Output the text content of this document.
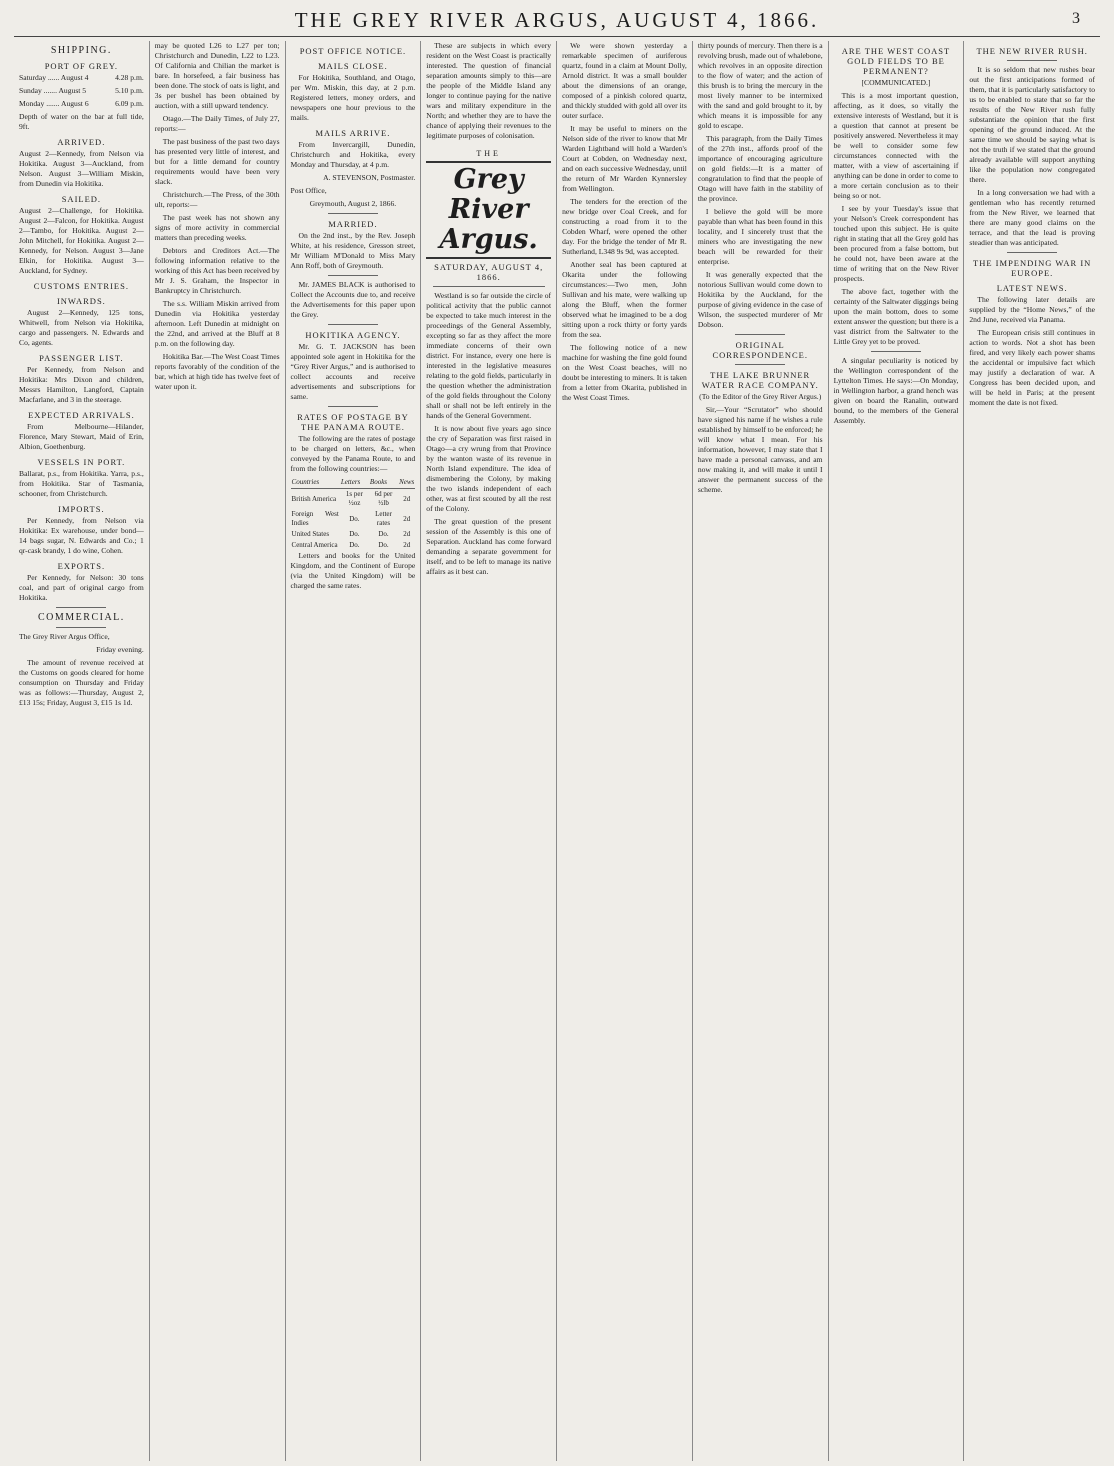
THE GREY RIVER ARGUS, AUGUST 4, 1866.	3
SHIPPING.
PORT OF GREY.

Saturday ...... August 4	4.28 p.m.

Sunday ....... August 5	5.10 p.m.

Monday ....... August 6	6.09 p.m.

Depth of water on the bar at full tide, 9ft.

ARRIVED.

August 2—Kennedy, from Nelson via Hokitika. August 3—Auckland, from Nelson. August 3—William Miskin, from Dunedin via Hokitika.

SAILED.

August 2—Challenge, for Hokitika. August 2—Falcon, for Hokitika. August 2—Tambo, for Hokitika. August 2—John Mitchell, for Hokitika. August 2—Kennedy, for Nelson. August 3—Jane Elkin, for Hokitika. August 3—Auckland, for Sydney.

CUSTOMS ENTRIES.
INWARDS.

August 2—Kennedy, 125 tons, Whitwell, from Nelson via Hokitika, cargo and passengers. N. Edwards and Co, agents.

PASSENGER LIST.

Per Kennedy, from Nelson and Hokitika: Mrs Dixon and children, Messrs Hamilton, Langford, Captain Macfarlane, and 3 in the steerage.

EXPECTED ARRIVALS.

From Melbourne—Hilander, Florence, Mary Stewart, Maid of Erin, Albion, Goethenburg.

VESSELS IN PORT.

Ballarat, p.s., from Hokitika. Yarra, p.s., from Hokitika. Star of Tasmania, schooner, from Christchurch.

IMPORTS.

Per Kennedy, from Nelson via Hokitika: Ex warehouse, under bond—14 bags sugar, N. Edwards and Co.; 1 qr-cask brandy, 1 do wine, Cohen.

EXPORTS.

Per Kennedy, for Nelson: 30 tons coal, and part of original cargo from Hokitika.

COMMERCIAL.

The Grey River Argus Office,

Friday evening.

The amount of revenue received at the Customs on goods cleared for home consumption on Thursday and Friday was as follows:—Thursday, August 2, £13 15s; Friday, August 3, £15 1s 1d.

may be quoted L26 to L27 per ton; Christchurch and Dunedin, L22 to L23. Of California and Chilian the market is bare. In horsefeed, a fair business has been done. The stock of oats is light, and 3s per bushel has been obtained by auction, with a still upward tendency.

Otago.—The Daily Times, of July 27, reports:—

The past business of the past two days has presented very little of interest, and but for a little demand for country requirements would have been very slack.

Christchurch.—The Press, of the 30th ult, reports:—

The past week has not shown any signs of more activity in commercial matters than preceding weeks.

Debtors and Creditors Act.—The following information relative to the working of this Act has been received by Mr J. S. Graham, the Inspector in Bankruptcy in Christchurch.

The s.s. William Miskin arrived from Dunedin via Hokitika yesterday afternoon. Left Dunedin at midnight on the 22nd, and arrived at the Bluff at 8 p.m. on the following day.

Hokitika Bar.—The West Coast Times reports favorably of the condition of the bar, which at high tide has twelve feet of water upon it.

POST OFFICE NOTICE.
MAILS CLOSE.

For Hokitika, Southland, and Otago, per Wm. Miskin, this day, at 2 p.m. Registered letters, money orders, and newspapers one hour previous to the mails.

MAILS ARRIVE.

From Invercargill, Dunedin, Christchurch and Hokitika, every Monday and Thursday, at 4 p.m.

A. STEVENSON, Postmaster.

Post Office,

Greymouth, August 2, 1866.

MARRIED.

On the 2nd inst., by the Rev. Joseph White, at his residence, Gresson street, Mr William M'Donald to Miss Mary Ann Roff, both of Greymouth.

Mr. JAMES BLACK is authorised to Collect the Accounts due to, and receive the Advertisements for this paper upon the Grey.

HOKITIKA AGENCY.

Mr. G. T. JACKSON has been appointed sole agent in Hokitika for the “Grey River Argus,” and is authorised to collect accounts and receive advertisements and subscriptions for same.

RATES OF POSTAGE BY THE PANAMA ROUTE.

The following are the rates of postage to be charged on letters, &c., when conveyed by the Panama Route, to and from the following countries:—

Countries	Letters	Books	News
British America	1s per ½oz	6d per ½lb	2d
Foreign West Indies	Do.	Letter rates	2d
United States	Do.	Do.	2d
Central America	Do.	Do.	2d

Letters and books for the United Kingdom, and the Continent of Europe (via the United Kingdom) will be charged the same rates.

These are subjects in which every resident on the West Coast is practically interested. The question of financial separation amounts simply to this—are the people of the Middle Island any longer to continue paying for the native wars and military expenditure in the North; and whether they are to have the chance of applying their revenues to the legitimate purposes of colonisation.

THE
Grey River Argus.
SATURDAY, AUGUST 4, 1866.

Westland is so far outside the circle of political activity that the public cannot be expected to take much interest in the proceedings of the General Assembly, excepting so far as they affect the more immediate concerns of their own district. For instance, every one here is interested in the legislative measures relating to the gold fields, particularly in the question whether the administration of the gold fields throughout the Colony shall or shall not be left entirely in the hands of the General Government.

It is now about five years ago since the cry of Separation was first raised in Otago—a cry wrung from that Province by the wanton waste of its revenue in North Island expenditure. The idea of dismembering the Colony, by making the two islands independent of each other, was at first scouted by all the rest of the Colony.

The great question of the present session of the Assembly is this one of Separation. Auckland has come forward demanding a separate government for itself, and to be left to manage its native affairs as it best can.

We were shown yesterday a remarkable specimen of auriferous quartz, found in a claim at Mount Dolly, Arnold district. It was a small boulder about the dimensions of an orange, composed of a pinkish colored quartz, and thickly studded with gold all over its outer surface.

It may be useful to miners on the Nelson side of the river to know that Mr Warden Lightband will hold a Warden's Court at Cobden, on Wednesday next, and on each successive Wednesday, until the return of Mr Warden Kynnersley from Wellington.

The tenders for the erection of the new bridge over Coal Creek, and for constructing a road from it to the Cobden Wharf, were opened the other day. For the bridge the tender of Mr R. Sutherland, L348 9s 9d, was accepted.

Another seal has been captured at Okarita under the following circumstances:—Two men, John Sullivan and his mate, were walking up along the Bluff, when the former observed what he imagined to be a dog sitting upon a rock thirty or forty yards from the sea.

The following notice of a new machine for washing the fine gold found on the West Coast beaches, will no doubt be interesting to miners. It is taken from a letter from Okarita, published in the West Coast Times.

thirty pounds of mercury. Then there is a revolving brush, made out of whalebone, which revolves in an opposite direction to the flow of water; and the action of this brush is to bring the mercury in the most lively manner to be intermixed with the sand and gold brought to it, by which means it is impossible for any gold to escape.

This paragraph, from the Daily Times of the 27th inst., affords proof of the importance of encouraging agriculture on gold fields:—It is a matter of congratulation to find that the people of Otago will have faith in the stability of the province.

I believe the gold will be more payable than what has been found in this locality, and I sincerely trust that the miners who are investigating the new beach will be rewarded for their enterprise.

It was generally expected that the notorious Sullivan would come down to Hokitika by the Auckland, for the purpose of giving evidence in the case of Wilson, the suspected murderer of Mr Dobson.

ORIGINAL CORRESPONDENCE.
THE LAKE BRUNNER WATER RACE COMPANY.

(To the Editor of the Grey River Argus.)

Sir,—Your “Scrutator” who should have signed his name if he wishes a rule established by himself to be enforced; he will know what I mean. For his information, however, I may state that I have made a personal canvass, and am now making it, and will make it until I answer the permanent success of the scheme.

ARE THE WEST COAST GOLD FIELDS TO BE PERMANENT?

[COMMUNICATED.]

This is a most important question, affecting, as it does, so vitally the extensive interests of Westland, but it is a question that cannot at present be positively answered. Nevertheless it may be well to consider some few circumstances connected with the matter, with a view of ascertaining if anything can be done in order to come to a more certain conclusion as to their being so or not.

I see by your Tuesday's issue that your Nelson's Creek correspondent has touched upon this subject. He is quite right in stating that all the Grey gold has been procured from a false bottom, but he could not, have been aware at the time of writing that on the New River prospects.

The above fact, together with the certainty of the Saltwater diggings being upon the main bottom, does to some extent answer the question; but there is a vast district from the Saltwater to the Little Grey yet to be proved.

A singular peculiarity is noticed by the Wellington correspondent of the Lyttelton Times. He says:—On Monday, in Wellington harbor, a grand hench was given on board the Ranalin, outward bound, to the members of the General Assembly.

THE NEW RIVER RUSH.

It is so seldom that new rushes bear out the first anticipations formed of them, that it is particularly satisfactory to us to be enabled to state that so far the results of the New River rush fully substantiate the opinion that the first opening of the ground induced. At the same time we should be saying what is not the truth if we stated that the ground already available will support anything like the population now congregated there.

In a long conversation we had with a gentleman who has recently returned from the New River, we learned that there are many good claims on the terrace, and that the lead is proving steadier than was anticipated.

THE IMPENDING WAR IN EUROPE.
LATEST NEWS.

The following later details are supplied by the “Home News,” of the 2nd June, received via Panama.

The European crisis still continues in action to words. Not a shot has been fired, and very likely each power shams the accidental or impulsive fact which may justify a declaration of war. A Congress has been decided upon, and will be held in Paris; at the present moment the date is not fixed.
